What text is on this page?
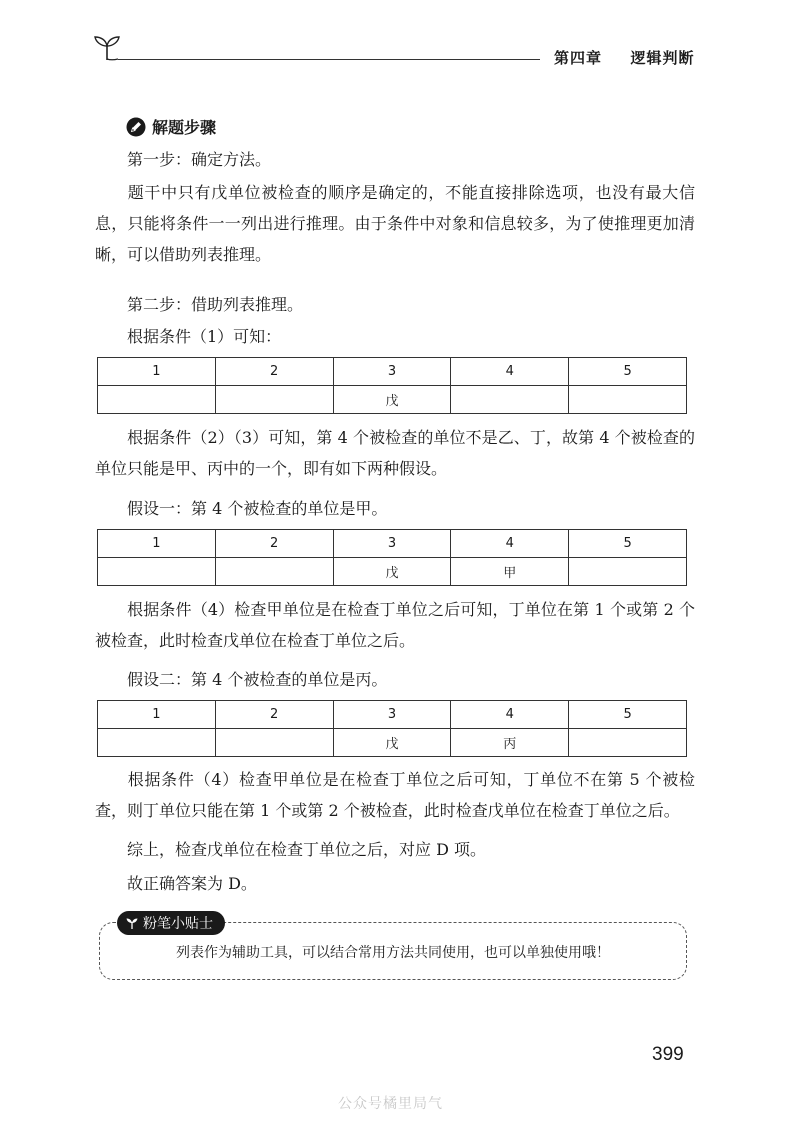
第四章 逻辑判断
解题步骤

第一步：确定方法。

题干中只有戊单位被检查的顺序是确定的，不能直接排除选项，也没有最大信息，只能将条件一一列出进行推理。由于条件中对象和信息较多，为了使推理更加清晰，可以借助列表推理。

第二步：借助列表推理。

根据条件（1）可知：

1	2	3	4	5
		戊		

根据条件（2）（3）可知，第 4 个被检查的单位不是乙、丁，故第 4 个被检查的单位只能是甲、丙中的一个，即有如下两种假设。

假设一：第 4 个被检查的单位是甲。

1	2	3	4	5
		戊	甲	

根据条件（4）检查甲单位是在检查丁单位之后可知，丁单位在第 1 个或第 2 个被检查，此时检查戊单位在检查丁单位之后。

假设二：第 4 个被检查的单位是丙。

1	2	3	4	5
		戊	丙	

根据条件（4）检查甲单位是在检查丁单位之后可知，丁单位不在第 5 个被检查，则丁单位只能在第 1 个或第 2 个被检查，此时检查戊单位在检查丁单位之后。

综上，检查戊单位在检查丁单位之后，对应 D 项。

故正确答案为 D。

粉笔小贴士
列表作为辅助工具，可以结合常用方法共同使用，也可以单独使用哦！
399
公众号橘里局气
